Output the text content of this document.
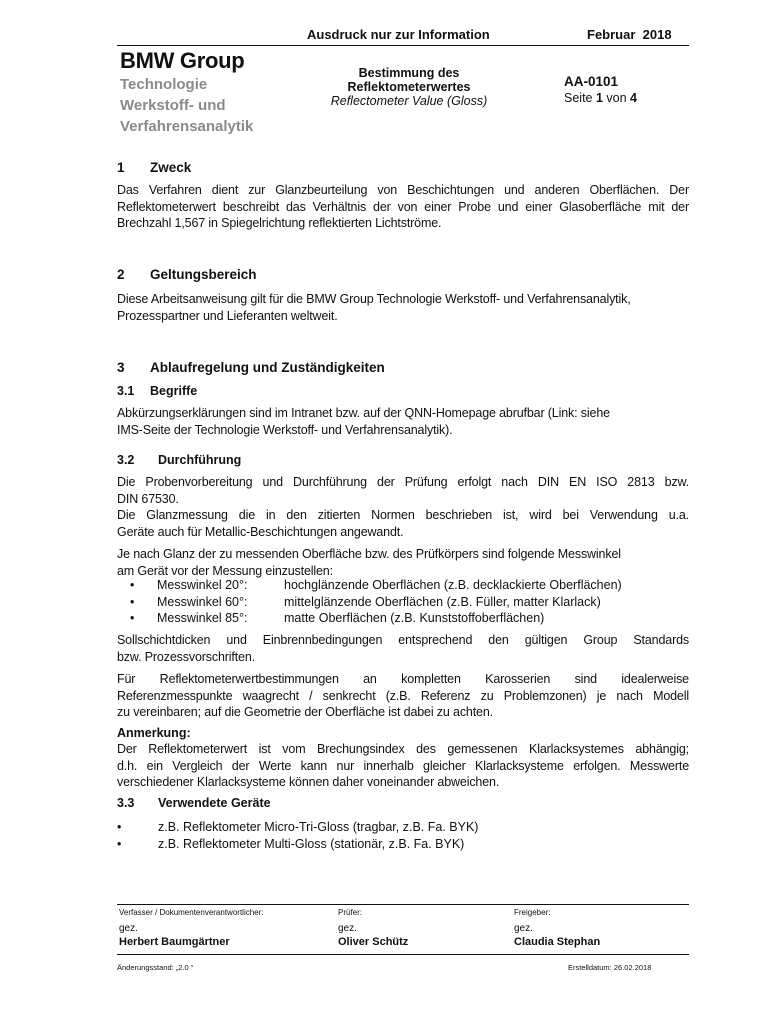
Ausdruck nur zur Information	Februar  2018
BMW Group
Technologie
Werkstoff- und
Verfahrensanalytik
Bestimmung des
Reflektometerwertes
Reflectometer Value (Gloss)
AA-0101
Seite 1 von 4
1 Zweck

Das Verfahren dient zur Glanzbeurteilung von Beschichtungen und anderen Oberflächen. Der

Reflektometerwert beschreibt das Verhältnis der von einer Probe und einer Glasoberfläche mit der

Brechzahl 1,567 in Spiegelrichtung reflektierten Lichtströme.

2 Geltungsbereich

Diese Arbeitsanweisung gilt für die BMW Group Technologie Werkstoff- und Verfahrensanalytik,

Prozesspartner und Lieferanten weltweit.

3 Ablaufregelung und Zuständigkeiten
3.1 Begriffe

Abkürzungserklärungen sind im Intranet bzw. auf der QNN-Homepage abrufbar (Link: siehe

IMS-Seite der Technologie Werkstoff- und Verfahrensanalytik).

3.2 Durchführung

Die Probenvorbereitung und Durchführung der Prüfung erfolgt nach DIN EN ISO 2813 bzw.

DIN 67530.

Die Glanzmessung die in den zitierten Normen beschrieben ist, wird bei Verwendung u.a.

Geräte auch für Metallic-Beschichtungen angewandt.

Je nach Glanz der zu messenden Oberfläche bzw. des Prüfkörpers sind folgende Messwinkel

am Gerät vor der Messung einzustellen:

• Messwinkel 20°:	hochglänzende Oberflächen (z.B. decklackierte Oberflächen)
• Messwinkel 60°:	mittelglänzende Oberflächen (z.B. Füller, matter Klarlack)
• Messwinkel 85°:	matte Oberflächen (z.B. Kunststoffoberflächen)

Sollschichtdicken und Einbrennbedingungen entsprechend den gültigen Group Standards

bzw. Prozessvorschriften.

Für Reflektometerwertbestimmungen an kompletten Karosserien sind idealerweise

Referenzmesspunkte waagrecht / senkrecht (z.B. Referenz zu Problemzonen) je nach Modell

zu vereinbaren; auf die Geometrie der Oberfläche ist dabei zu achten.

Anmerkung:

Der Reflektometerwert ist vom Brechungsindex des gemessenen Klarlacksystemes abhängig;

d.h. ein Vergleich der Werte kann nur innerhalb gleicher Klarlacksysteme erfolgen. Messwerte

verschiedener Klarlacksysteme können daher voneinander abweichen.

3.3 Verwendete Geräte
•	z.B. Reflektometer Micro-Tri-Gloss (tragbar, z.B. Fa. BYK)
•	z.B. Reflektometer Multi-Gloss (stationär, z.B. Fa. BYK)
Verfasser / Dokumentenverantwortlicher:	Prüfer:	Freigeber:
gez.	gez.	gez.
Herbert Baumgärtner	Oliver Schütz	Claudia Stephan
Änderungsstand: „2.0 “	Erstelldatum: 26.02.2018
